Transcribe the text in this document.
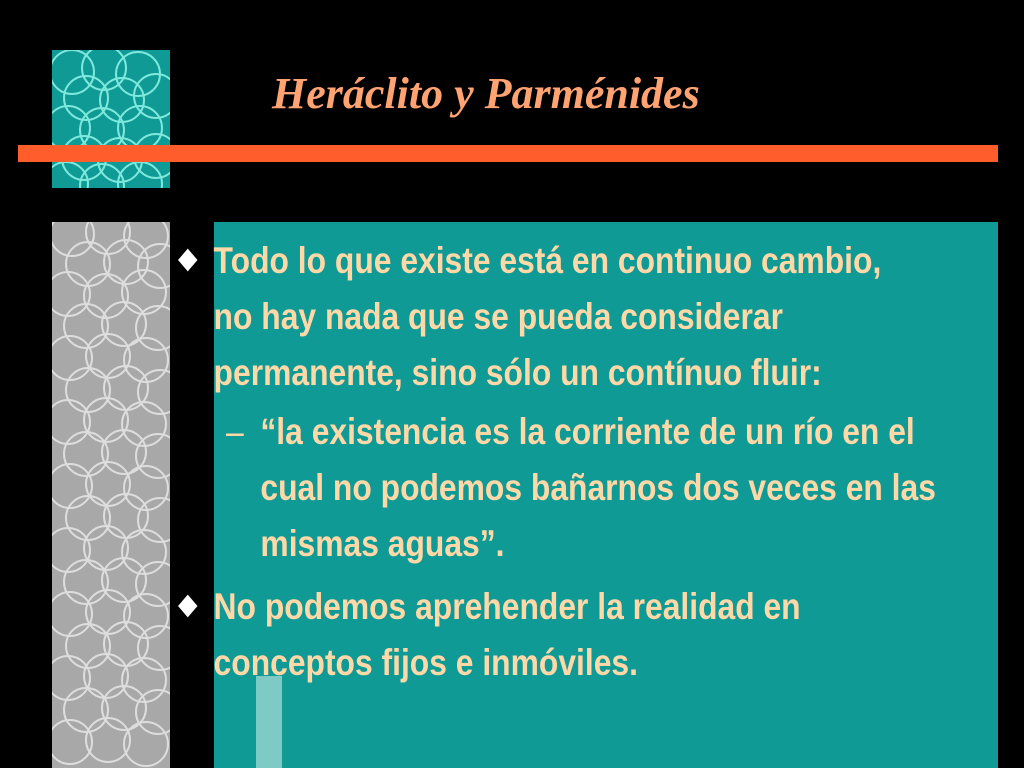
Heráclito y Parménides
Todo lo que existe está en continuo cambio, no hay nada que se pueda considerar permanente, sino sólo un contínuo fluir:
– “la existencia es la corriente de un río en el cual no podemos bañarnos dos veces en las mismas aguas”.
No podemos aprehender la realidad en conceptos fijos e inmóviles.
